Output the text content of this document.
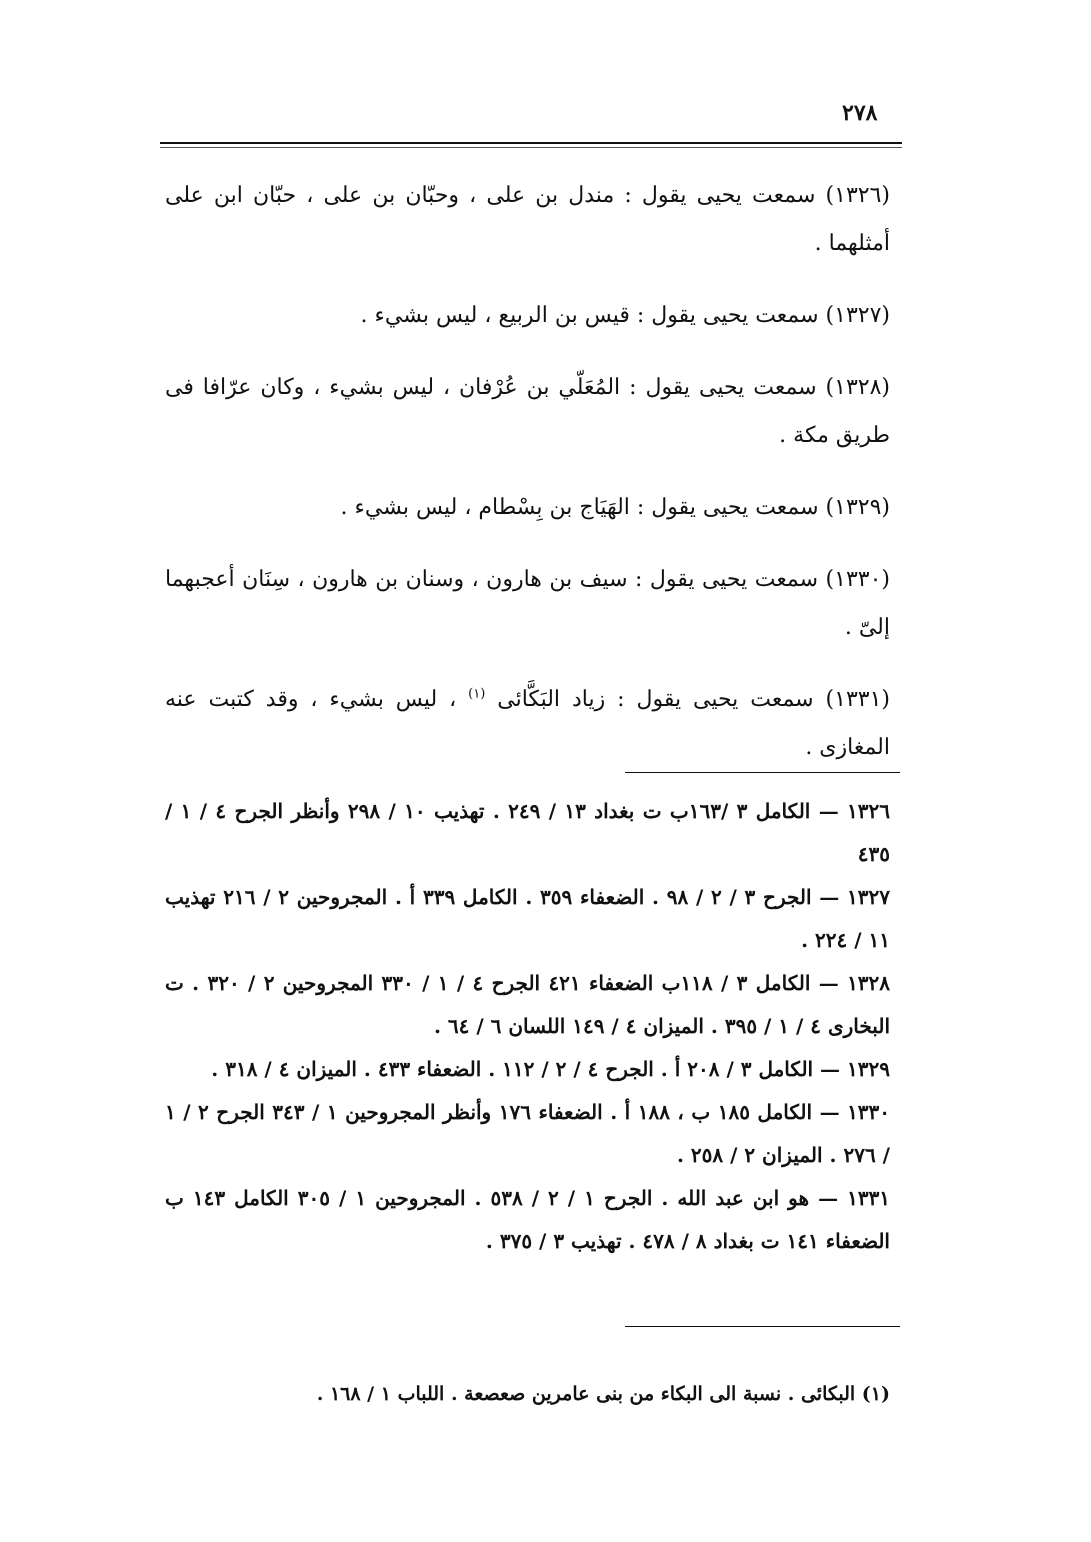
٢٧٨

(١٣٢٦) سمعت يحيى يقول : مندل بن على ، وحبّان بن على ، حبّان ابن على أمثلهما .

(١٣٢٧) سمعت يحيى يقول : قيس بن الربيع ، ليس بشيء .

(١٣٢٨) سمعت يحيى يقول : المُعَلّي بن عُرْفان ، ليس بشيء ، وكان عرّافا فى طريق مكة .

(١٣٢٩) سمعت يحيى يقول : الهَيَاج بن بِسْطام ، ليس بشيء .

(١٣٣٠) سمعت يحيى يقول : سيف بن هارون ، وسنان بن هارون ، سِنَان أعجبهما إلىّ .

(١٣٣١) سمعت يحيى يقول : زياد البَكَّائى $^{(١)}$ ، ليس بشيء ، وقد كتبت عنه المغازى .

١٣٢٦ — الكامل ٣ /١٦٣ب ت بغداد ١٣ / ٢٤٩ . تهذيب ١٠ / ٢٩٨ وأنظر الجرح ٤ / ١ / ٤٣٥

١٣٢٧ — الجرح ٣ / ٢ / ٩٨ . الضعفاء ٣٥٩ . الكامل ٣٣٩ أ . المجروحين ٢ / ٢١٦ تهذيب ١١ / ٢٢٤ .

١٣٢٨ — الكامل ٣ / ١١٨ب الضعفاء ٤٢١ الجرح ٤ / ١ / ٣٣٠ المجروحين ٢ / ٣٢٠ . ت البخارى ٤ / ١ / ٣٩٥ . الميزان ٤ / ١٤٩ اللسان ٦ / ٦٤ .

١٣٢٩ — الكامل ٣ / ٢٠٨ أ . الجرح ٤ / ٢ / ١١٢ . الضعفاء ٤٣٣ . الميزان ٤ / ٣١٨ .

١٣٣٠ — الكامل ١٨٥ ب ، ١٨٨ أ . الضعفاء ١٧٦ وأنظر المجروحين ١ / ٣٤٣ الجرح ٢ / ١ / ٢٧٦ . الميزان ٢ / ٢٥٨ .

١٣٣١ — هو ابن عبد الله . الجرح ١ / ٢ / ٥٣٨ . المجروحين ١ / ٣٠٥ الكامل ١٤٣ ب الضعفاء ١٤١ ت بغداد ٨ / ٤٧٨ . تهذيب ٣ / ٣٧٥ .

(١) البكائى . نسبة الى البكاء من بنى عامرين صعصعة . اللباب ١ / ١٦٨ .
